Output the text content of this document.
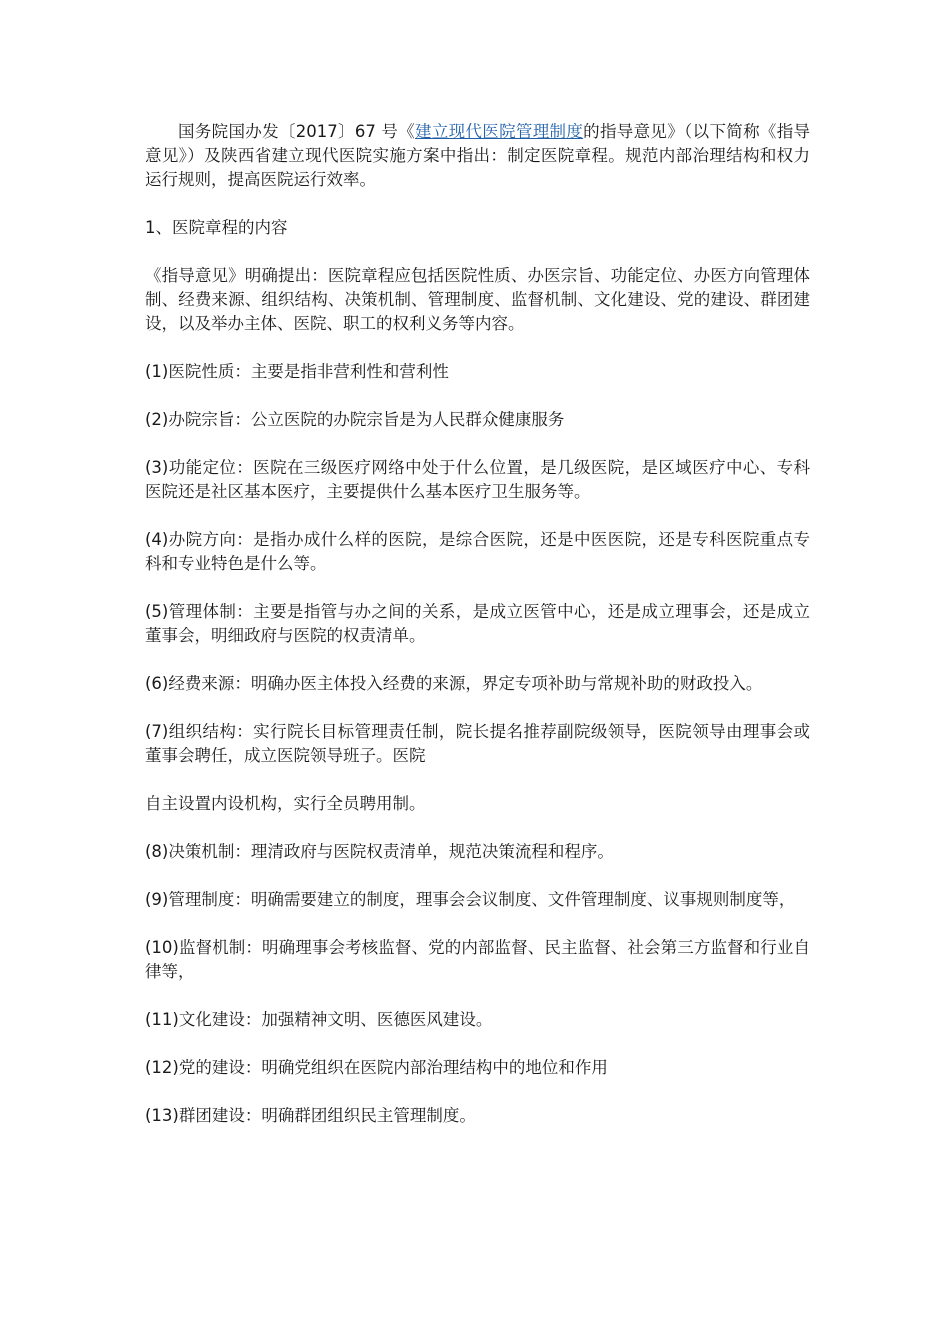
国务院国办发〔2017〕67 号《建立现代医院管理制度的指导意见》（以下简称《指导意见》）及陕西省建立现代医院实施方案中指出：制定医院章程。规范内部治理结构和权力运行规则，提高医院运行效率。

1、医院章程的内容

《指导意见》明确提出：医院章程应包括医院性质、办医宗旨、功能定位、办医方向管理体制、经费来源、组织结构、决策机制、管理制度、监督机制、文化建设、党的建设、群团建设，以及举办主体、医院、职工的权利义务等内容。

(1)医院性质：主要是指非营利性和营利性

(2)办院宗旨：公立医院的办院宗旨是为人民群众健康服务

(3)功能定位：医院在三级医疗网络中处于什么位置，是几级医院，是区域医疗中心、专科医院还是社区基本医疗，主要提供什么基本医疗卫生服务等。

(4)办院方向：是指办成什么样的医院，是综合医院，还是中医医院，还是专科医院重点专科和专业特色是什么等。

(5)管理体制：主要是指管与办之间的关系，是成立医管中心，还是成立理事会，还是成立董事会，明细政府与医院的权责清单。

(6)经费来源：明确办医主体投入经费的来源，界定专项补助与常规补助的财政投入。

(7)组织结构：实行院长目标管理责任制，院长提名推荐副院级领导，医院领导由理事会或董事会聘任，成立医院领导班子。医院

自主设置内设机构，实行全员聘用制。

(8)决策机制：理清政府与医院权责清单，规范决策流程和程序。

(9)管理制度：明确需要建立的制度，理事会会议制度、文件管理制度、议事规则制度等，

(10)监督机制：明确理事会考核监督、党的内部监督、民主监督、社会第三方监督和行业自律等，

(11)文化建设：加强精神文明、医德医风建设。

(12)党的建设：明确党组织在医院内部治理结构中的地位和作用

(13)群团建设：明确群团组织民主管理制度。
